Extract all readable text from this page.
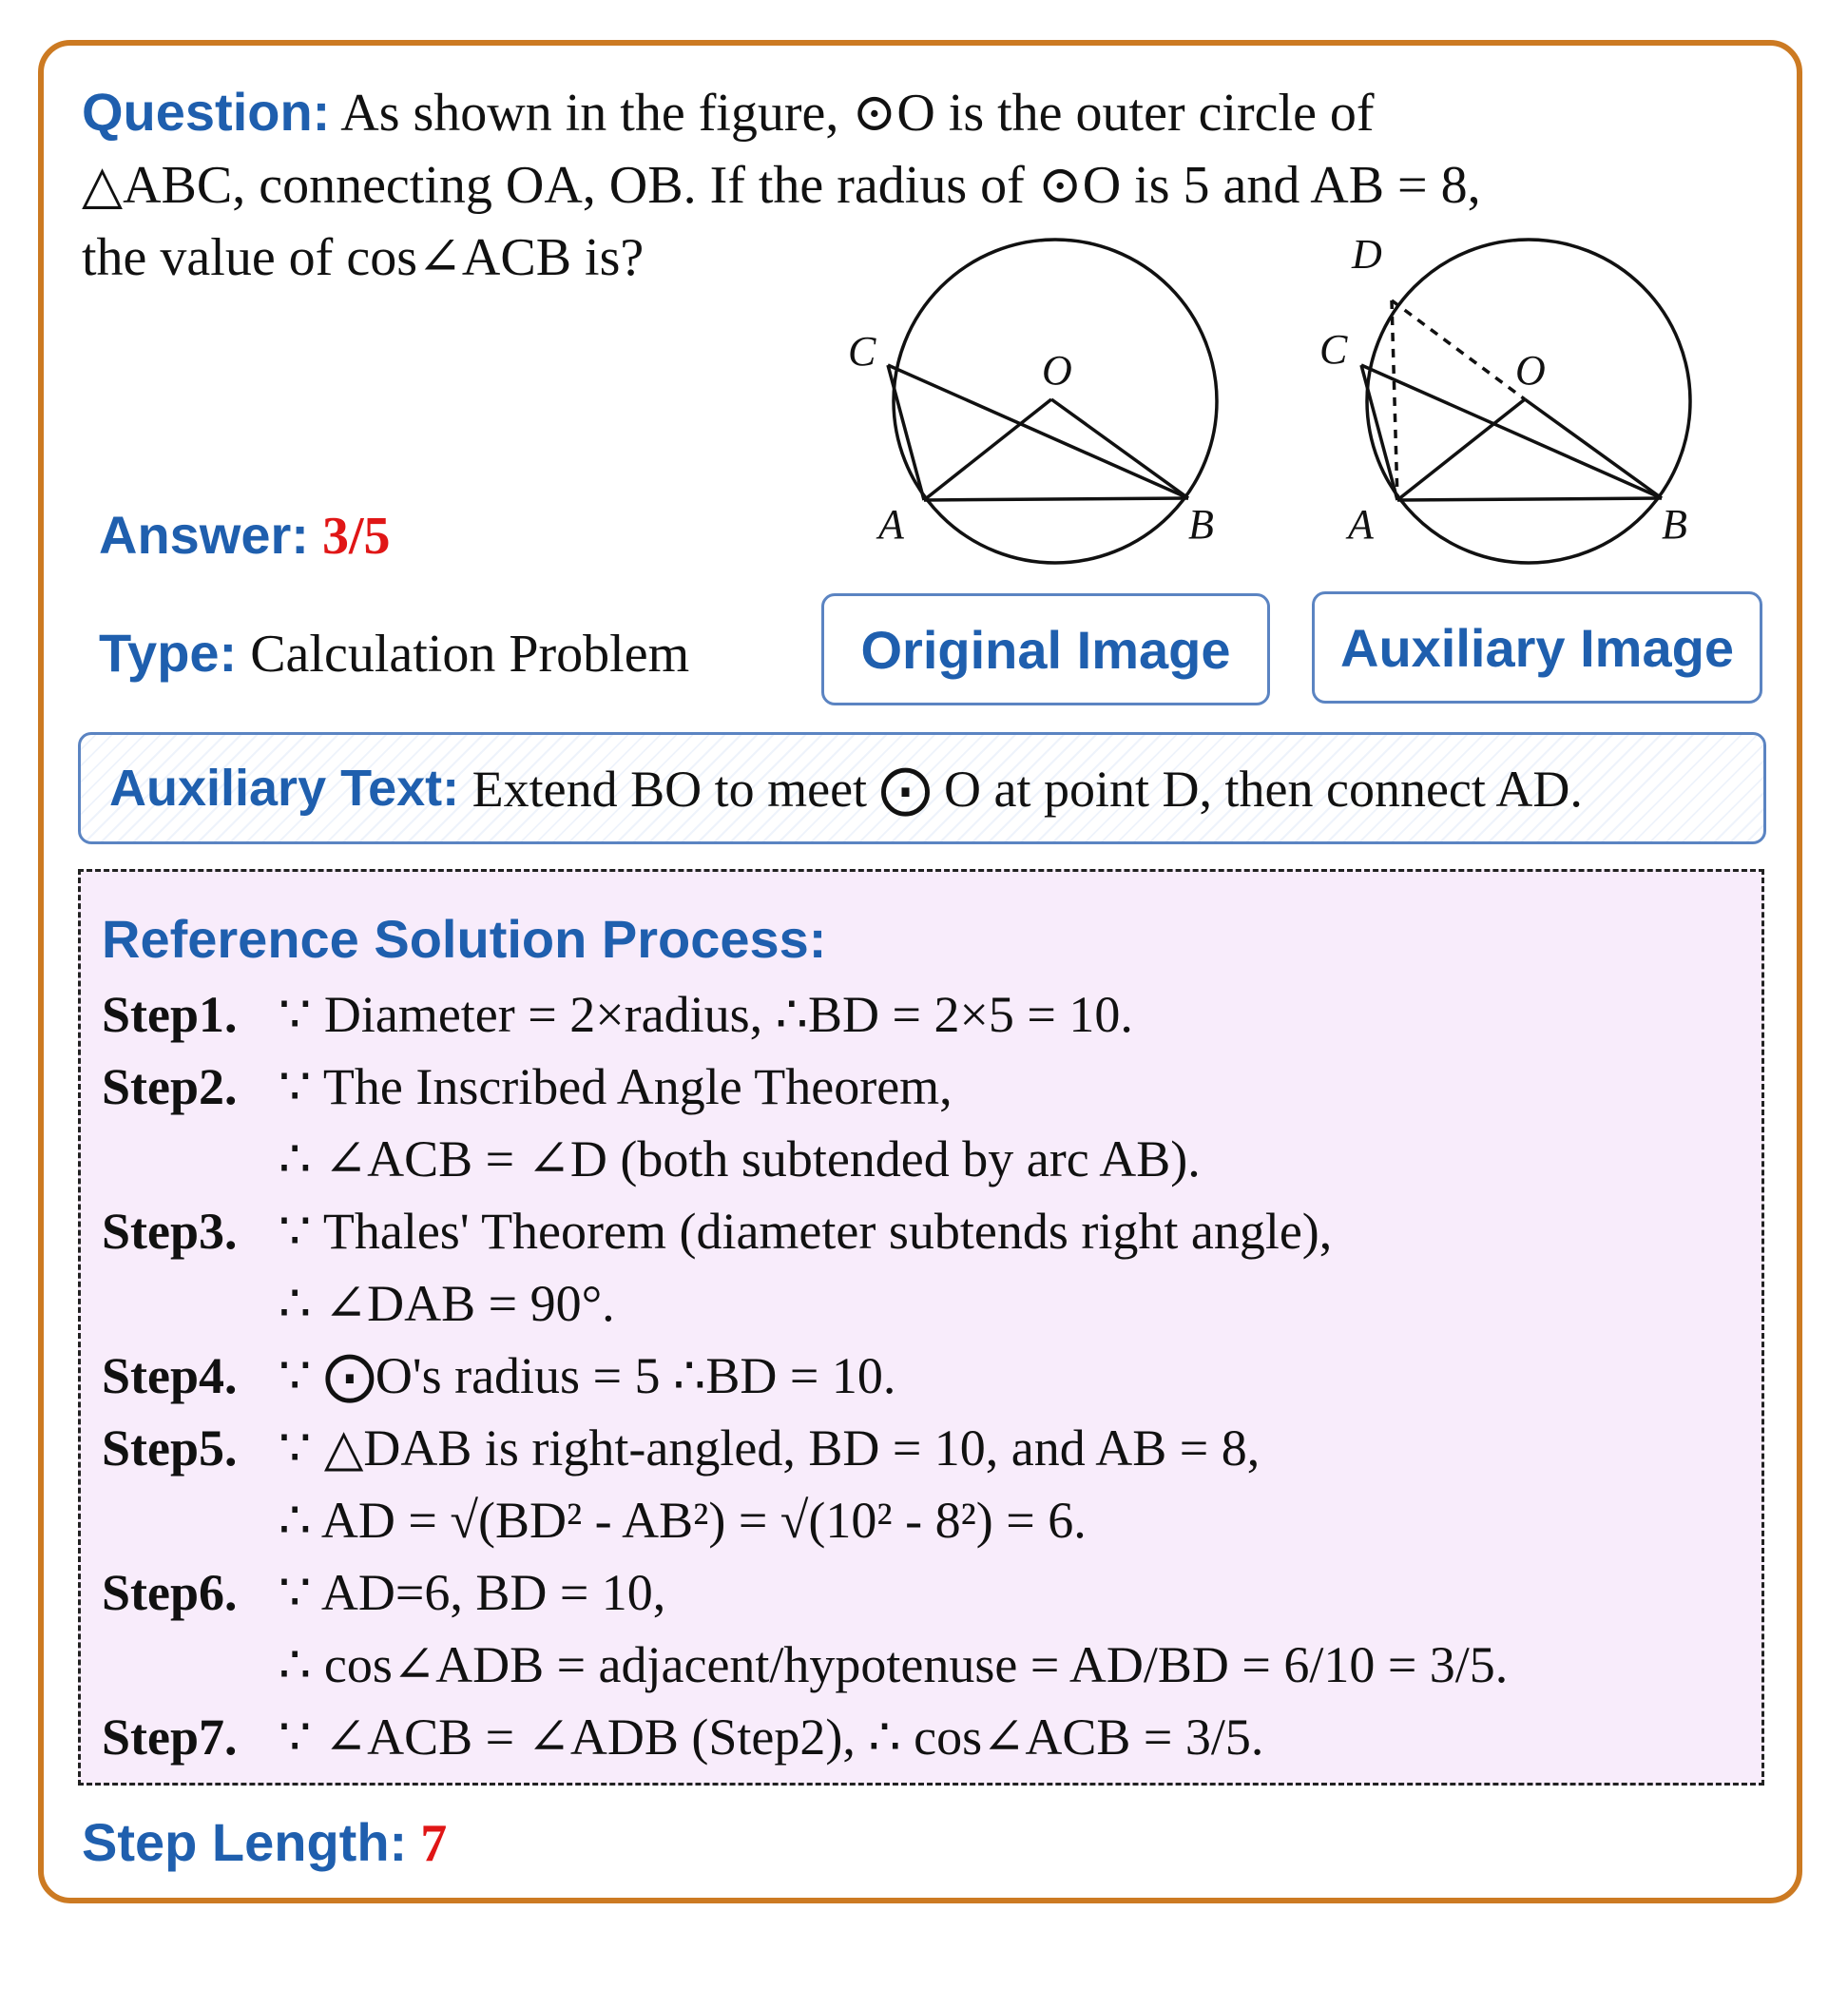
Question: As shown in the figure, ⊙O is the outer circle of
△ABC, connecting OA, OB. If the radius of ⊙O is 5 and AB = 8,
the value of cos∠ACB is?
Answer: 3/5
Type: Calculation Problem
C	O
A	B
D
C	O
A	B
Original Image	Auxiliary Image
Auxiliary Text:
Extend BO to meet ⨀ O at point D, then connect AD.
Reference Solution Process:
Step1. ∵ Diameter = 2×radius, ∴BD = 2×5 = 10.
Step2. ∵ The Inscribed Angle Theorem,
∴ ∠ACB = ∠D (both subtended by arc AB).
Step3. ∵ Thales' Theorem (diameter subtends right angle),
∴ ∠DAB = 90°.
Step4. ∵ ⨀O's radius = 5 ∴BD = 10.
Step5. ∵ △DAB is right-angled, BD = 10, and AB = 8,
∴ AD = √(BD² - AB²) = √(10² - 8²) = 6.
Step6. ∵ AD=6, BD = 10,
∴ cos∠ADB = adjacent/hypotenuse = AD/BD = 6/10 = 3/5.
Step7. ∵ ∠ACB = ∠ADB (Step2), ∴ cos∠ACB = 3/5.
Step Length: 7
